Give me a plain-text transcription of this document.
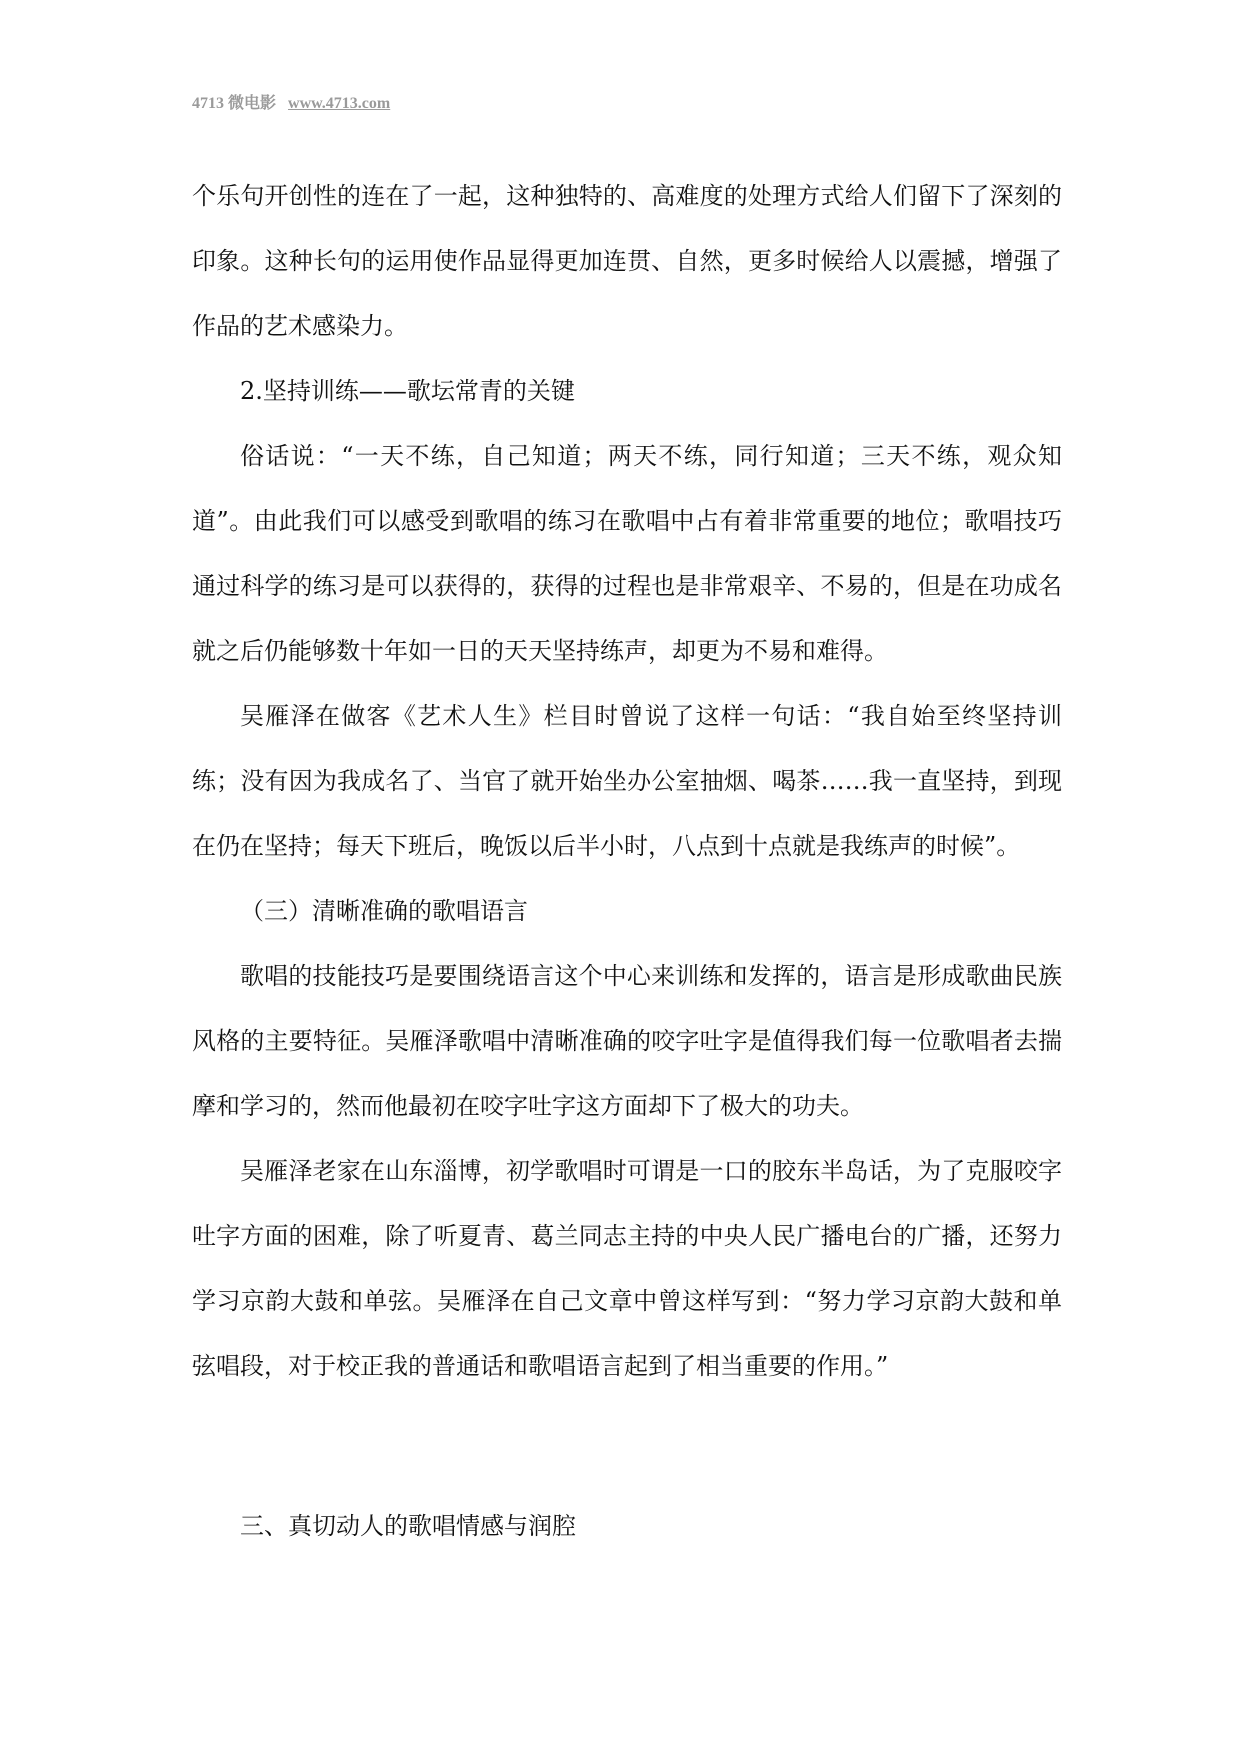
4713 微电影 www.4713.com

个乐句开创性的连在了一起，这种独特的、高难度的处理方式给人们留下了深刻的印象。这种长句的运用使作品显得更加连贯、自然，更多时候给人以震撼，增强了作品的艺术感染力。

2.坚持训练——歌坛常青的关键

俗话说：“一天不练，自己知道；两天不练，同行知道；三天不练，观众知道”。由此我们可以感受到歌唱的练习在歌唱中占有着非常重要的地位；歌唱技巧通过科学的练习是可以获得的，获得的过程也是非常艰辛、不易的，但是在功成名就之后仍能够数十年如一日的天天坚持练声，却更为不易和难得。

吴雁泽在做客《艺术人生》栏目时曾说了这样一句话：“我自始至终坚持训练；没有因为我成名了、当官了就开始坐办公室抽烟、喝茶……我一直坚持，到现在仍在坚持；每天下班后，晚饭以后半小时，八点到十点就是我练声的时候”。

（三）清晰准确的歌唱语言

歌唱的技能技巧是要围绕语言这个中心来训练和发挥的，语言是形成歌曲民族风格的主要特征。吴雁泽歌唱中清晰准确的咬字吐字是值得我们每一位歌唱者去揣摩和学习的，然而他最初在咬字吐字这方面却下了极大的功夫。

吴雁泽老家在山东淄博，初学歌唱时可谓是一口的胶东半岛话，为了克服咬字吐字方面的困难，除了听夏青、葛兰同志主持的中央人民广播电台的广播，还努力学习京韵大鼓和单弦。吴雁泽在自己文章中曾这样写到：“努力学习京韵大鼓和单弦唱段，对于校正我的普通话和歌唱语言起到了相当重要的作用。”

三、真切动人的歌唱情感与润腔
